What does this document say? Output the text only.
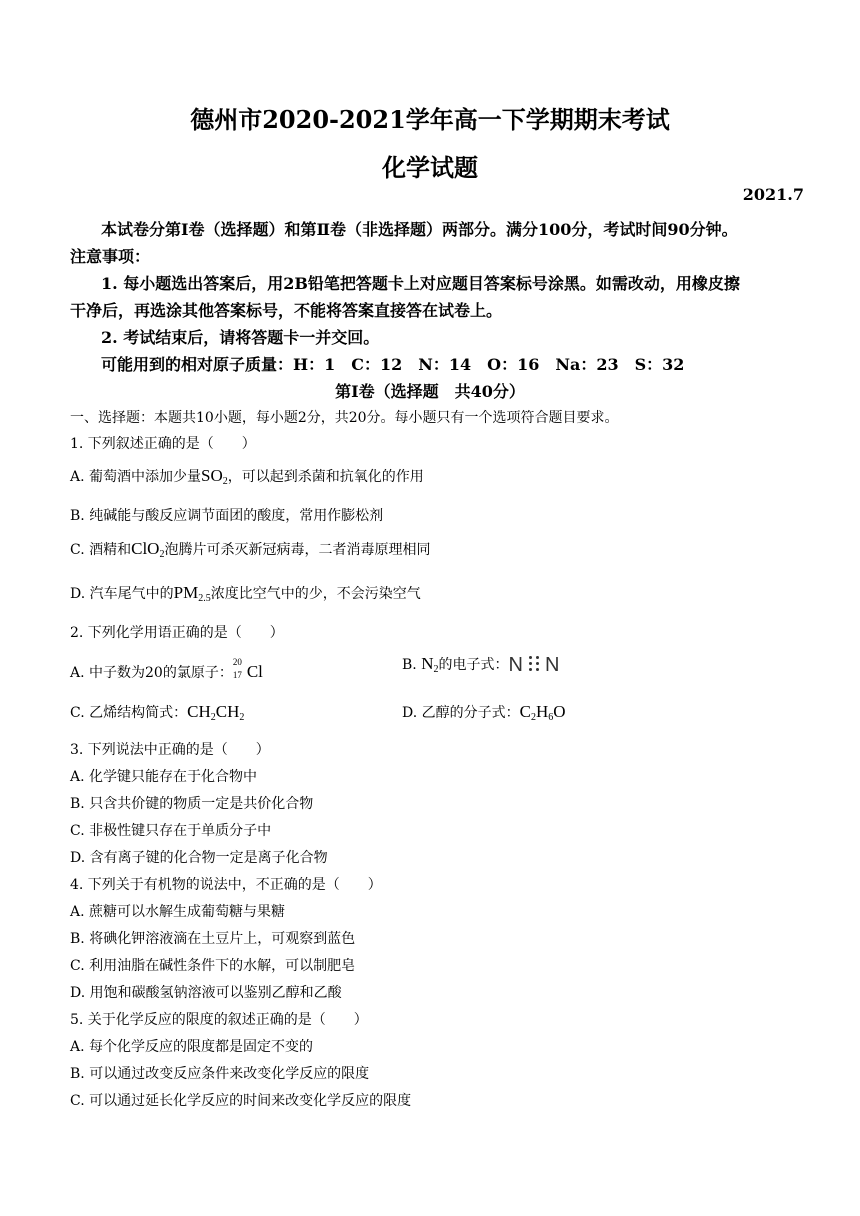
德州市2020-2021学年高一下学期期末考试
化学试题
2021.7
本试卷分第Ⅰ卷（选择题）和第Ⅱ卷（非选择题）两部分。满分100分，考试时间90分钟。
注意事项：
1. 每小题选出答案后，用2B铅笔把答题卡上对应题目答案标号涂黑。如需改动，用橡皮擦
干净后，再选涂其他答案标号，不能将答案直接答在试卷上。
2. 考试结束后，请将答题卡一并交回。
可能用到的相对原子质量：H：1　C：12　N：14　O：16　Na：23　S：32
第Ⅰ卷（选择题　共40分）
一、选择题：本题共10小题，每小题2分，共20分。每小题只有一个选项符合题目要求。
1. 下列叙述正确的是（　　）
A. 葡萄酒中添加少量$SO_2$，可以起到杀菌和抗氧化的作用
B. 纯碱能与酸反应调节面团的酸度，常用作膨松剂
C. 酒精和ClO$_2$泡腾片可杀灭新冠病毒，二者消毒原理相同
D. 汽车尾气中的$PM_{2.5}$浓度比空气中的少，不会污染空气
2. 下列化学用语正确的是（　　）
A. 中子数为20的氯原子：
20
17 Cl	B. $N_2$的电子式：N N
C. 乙烯结构简式：$CH_2CH_2$	D. 乙醇的分子式：$C_2H_6O$
3. 下列说法中正确的是（　　）
A. 化学键只能存在于化合物中
B. 只含共价键的物质一定是共价化合物
C. 非极性键只存在于单质分子中
D. 含有离子键的化合物一定是离子化合物
4. 下列关于有机物的说法中，不正确的是（　　）
A. 蔗糖可以水解生成葡萄糖与果糖
B. 将碘化钾溶液滴在土豆片上，可观察到蓝色
C. 利用油脂在碱性条件下的水解，可以制肥皂
D. 用饱和碳酸氢钠溶液可以鉴别乙醇和乙酸
5. 关于化学反应的限度的叙述正确的是（　　）
A. 每个化学反应的限度都是固定不变的
B. 可以通过改变反应条件来改变化学反应的限度
C. 可以通过延长化学反应的时间来改变化学反应的限度
